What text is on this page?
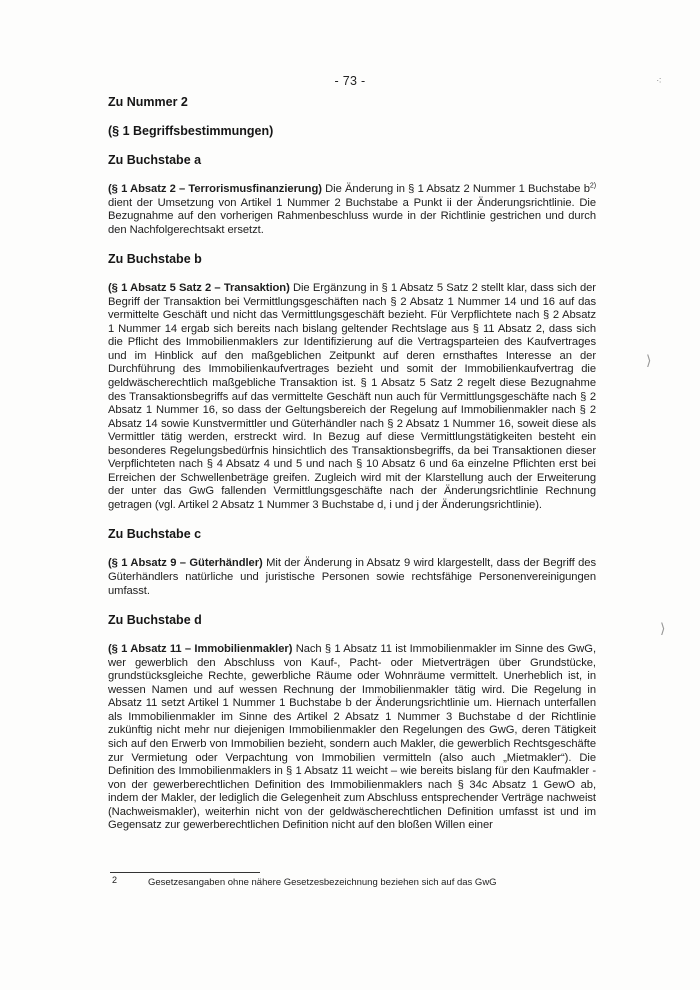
- 73 -

Zu Nummer 2

(§ 1 Begriffsbestimmungen)

Zu Buchstabe a

(§ 1 Absatz 2 – Terrorismusfinanzierung) Die Änderung in § 1 Absatz 2 Nummer 1 Buchstabe $b^{2)}$ dient der Umsetzung von Artikel 1 Nummer 2 Buchstabe a Punkt ii der Änderungsrichtlinie. Die Bezugnahme auf den vorherigen Rahmenbeschluss wurde in der Richtlinie gestrichen und durch den Nachfolgerechtsakt ersetzt.

Zu Buchstabe b

(§ 1 Absatz 5 Satz 2 – Transaktion) Die Ergänzung in § 1 Absatz 5 Satz 2 stellt klar, dass sich der Begriff der Transaktion bei Vermittlungsgeschäften nach § 2 Absatz 1 Nummer 14 und 16 auf das vermittelte Geschäft und nicht das Vermittlungsgeschäft bezieht. Für Verpflichtete nach § 2 Absatz 1 Nummer 14 ergab sich bereits nach bislang geltender Rechtslage aus § 11 Absatz 2, dass sich die Pflicht des Immobilienmaklers zur Identifizierung auf die Vertragsparteien des Kaufvertrages und im Hinblick auf den maßgeblichen Zeitpunkt auf deren ernsthaftes Interesse an der Durchführung des Immobilienkaufvertrages bezieht und somit der Immobilienkaufvertrag die geldwäscherechtlich maßgebliche Transaktion ist. § 1 Absatz 5 Satz 2 regelt diese Bezugnahme des Transaktionsbegriffs auf das vermittelte Geschäft nun auch für Vermittlungsgeschäfte nach § 2 Absatz 1 Nummer 16, so dass der Geltungsbereich der Regelung auf Immobilienmakler nach § 2 Absatz 14 sowie Kunstvermittler und Güterhändler nach § 2 Absatz 1 Nummer 16, soweit diese als Vermittler tätig werden, erstreckt wird. In Bezug auf diese Vermittlungstätigkeiten besteht ein besonderes Regelungsbedürfnis hinsichtlich des Transaktionsbegriffs, da bei Transaktionen dieser Verpflichteten nach § 4 Absatz 4 und 5 und nach § 10 Absatz 6 und 6a einzelne Pflichten erst bei Erreichen der Schwellenbeträge greifen. Zugleich wird mit der Klarstellung auch der Erweiterung der unter das GwG fallenden Vermittlungsgeschäfte nach der Änderungsrichtlinie Rechnung getragen (vgl. Artikel 2 Absatz 1 Nummer 3 Buchstabe d, i und j der Änderungsrichtlinie).

Zu Buchstabe c

(§ 1 Absatz 9 – Güterhändler) Mit der Änderung in Absatz 9 wird klargestellt, dass der Begriff des Güterhändlers natürliche und juristische Personen sowie rechtsfähige Personenvereinigungen umfasst.

Zu Buchstabe d

(§ 1 Absatz 11 – Immobilienmakler) Nach § 1 Absatz 11 ist Immobilienmakler im Sinne des GwG, wer gewerblich den Abschluss von Kauf-, Pacht- oder Mietverträgen über Grundstücke, grundstücksgleiche Rechte, gewerbliche Räume oder Wohnräume vermittelt. Unerheblich ist, in wessen Namen und auf wessen Rechnung der Immobilienmakler tätig wird. Die Regelung in Absatz 11 setzt Artikel 1 Nummer 1 Buchstabe b der Änderungsrichtlinie um. Hiernach unterfallen als Immobilienmakler im Sinne des Artikel 2 Absatz 1 Nummer 3 Buchstabe d der Richtlinie zukünftig nicht mehr nur diejenigen Immobilienmakler den Regelungen des GwG, deren Tätigkeit sich auf den Erwerb von Immobilien bezieht, sondern auch Makler, die gewerblich Rechtsgeschäfte zur Vermietung oder Verpachtung von Immobilien vermitteln (also auch „Mietmakler“). Die Definition des Immobilienmaklers in § 1 Absatz 11 weicht – wie bereits bislang für den Kaufmakler - von der gewerberechtlichen Definition des Immobilienmaklers nach § 34c Absatz 1 GewO ab, indem der Makler, der lediglich die Gelegenheit zum Abschluss entsprechender Verträge nachweist (Nachweismakler), weiterhin nicht von der geldwäscherechtlichen Definition umfasst ist und im Gegensatz zur gewerberechtlichen Definition nicht auf den bloßen Willen einer

2	Gesetzesangaben ohne nähere Gesetzesbezeichnung beziehen sich auf das GwG
⟩
⟩
⁖
